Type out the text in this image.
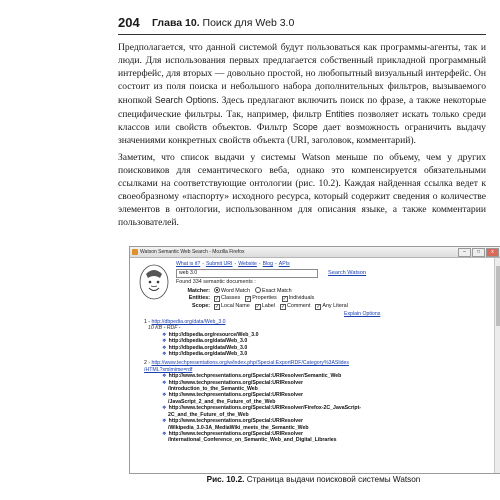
204 Глава 10. Поиск для Web 3.0

Предполагается, что данной системой будут пользоваться как программы-агенты, так и люди. Для использования первых предлагается собственный прикладной программный интерфейс, для вторых — довольно простой, но любопытный визуальный интерфейс. Он состоит из поля поиска и небольшого набора дополнительных фильтров, вызываемого кнопкой Search Options. Здесь предлагают включить поиск по фразе, а также некоторые специфические фильтры. Так, например, фильтр Entities позволяет искать только среди классов или свойств объектов. Фильтр Scope дает возможность ограничить выдачу значениями конкретных свойств объекта (URI, заголовок, комментарий).

Заметим, что список выдачи у системы Watson меньше по объему, чем у других поисковиков для семантического веба, однако это компенсируется обязательными ссылками на соответствующие онтологии (рис. 10.2). Каждая найденная ссылка ведет к своеобразному «паспорту» исходного ресурса, который содержит сведения о количестве элементов в онтологии, использованном для описания языке, а также комментарии пользователей.

Watson Semantic Web Search - Mozilla Firefox	–	□	x
What is it? - Submit URI - Website - Blog - APIs
web 3.0	Search Watson
Found 334 semantic documents :
Matcher: Word Match Exact Match
Entities: ✓ Classes ✓ Properties ✓ Individuals
Scope: ✓ Local Name ✓ Label ✓ Comment ✓ Any Literal
Explain Options
1 - http://dbpedia.org/data/Web_3.0
10 KB - RDF -
❖ http://dbpedia.org/resource/Web_3.0
❖ http://dbpedia.org/data/Web_3.0
❖ http://dbpedia.org/data/Web_3.0
❖ http://dbpedia.org/data/Web_3.0
2 - http://www.techpresentations.org/w/index.php/Special:ExportRDF/Category%3ASlides
/HTML?xmlmime=rdf
❖ http://www.techpresentations.org/Special:URIResolver/Semantic_Web
❖ http://www.techpresentations.org/Special:URIResolver
/Introduction_to_the_Semantic_Web
❖ http://www.techpresentations.org/Special:URIResolver
/JavaScript_2_and_the_Future_of_the_Web
❖ http://www.techpresentations.org/Special:URIResolver/Firefox-2C_JavaScript-
2C_and_the_Future_of_the_Web
❖ http://www.techpresentations.org/Special:URIResolver
/Wikipedia_3.0-3A_MediaWiki_meets_the_Semantic_Web
❖ http://www.techpresentations.org/Special:URIResolver
/International_Conference_on_Semantic_Web_and_Digital_Libraries
Рис. 10.2. Страница выдачи поисковой системы Watson
